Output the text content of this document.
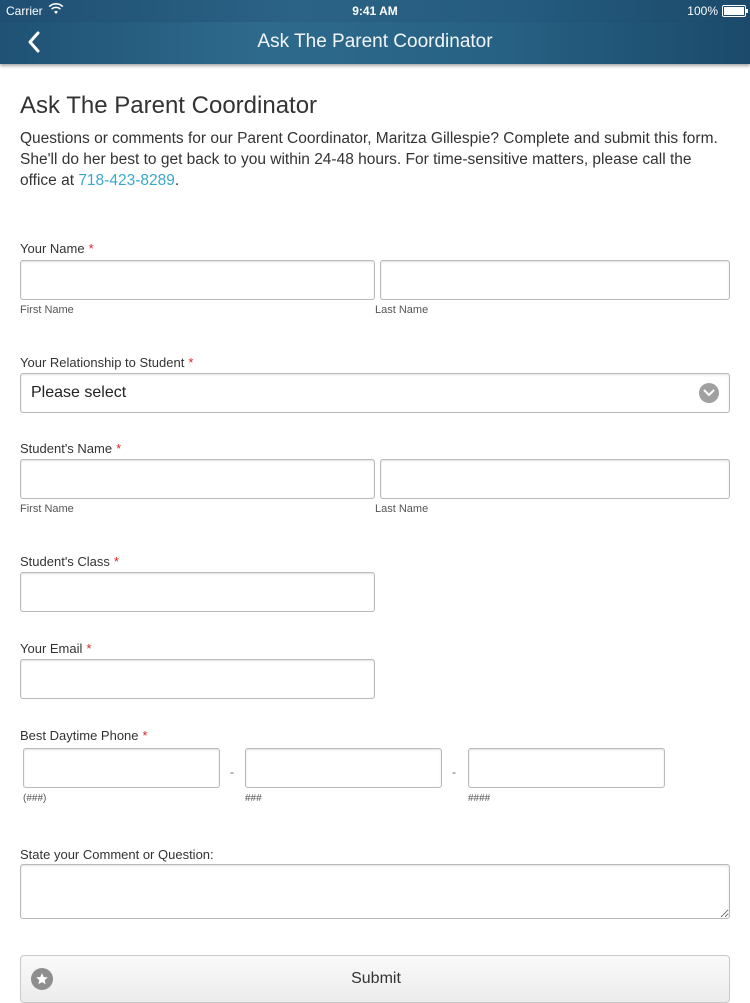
Carrier	9:41 AM	100%
Ask The Parent Coordinator
Ask The Parent Coordinator

Questions or comments for our Parent Coordinator, Maritza Gillespie? Complete and submit this form. She'll do her best to get back to you within 24-48 hours. For time-sensitive matters, please call the office at 718-423-8289.

Your Name *
First Name	Last Name
Your Relationship to Student *
Please select
Student's Name *
First Name	Last Name
Student's Class *
Your Email *
Best Daytime Phone *
-	-
(###)	###	####
State your Comment or Question:
Submit
